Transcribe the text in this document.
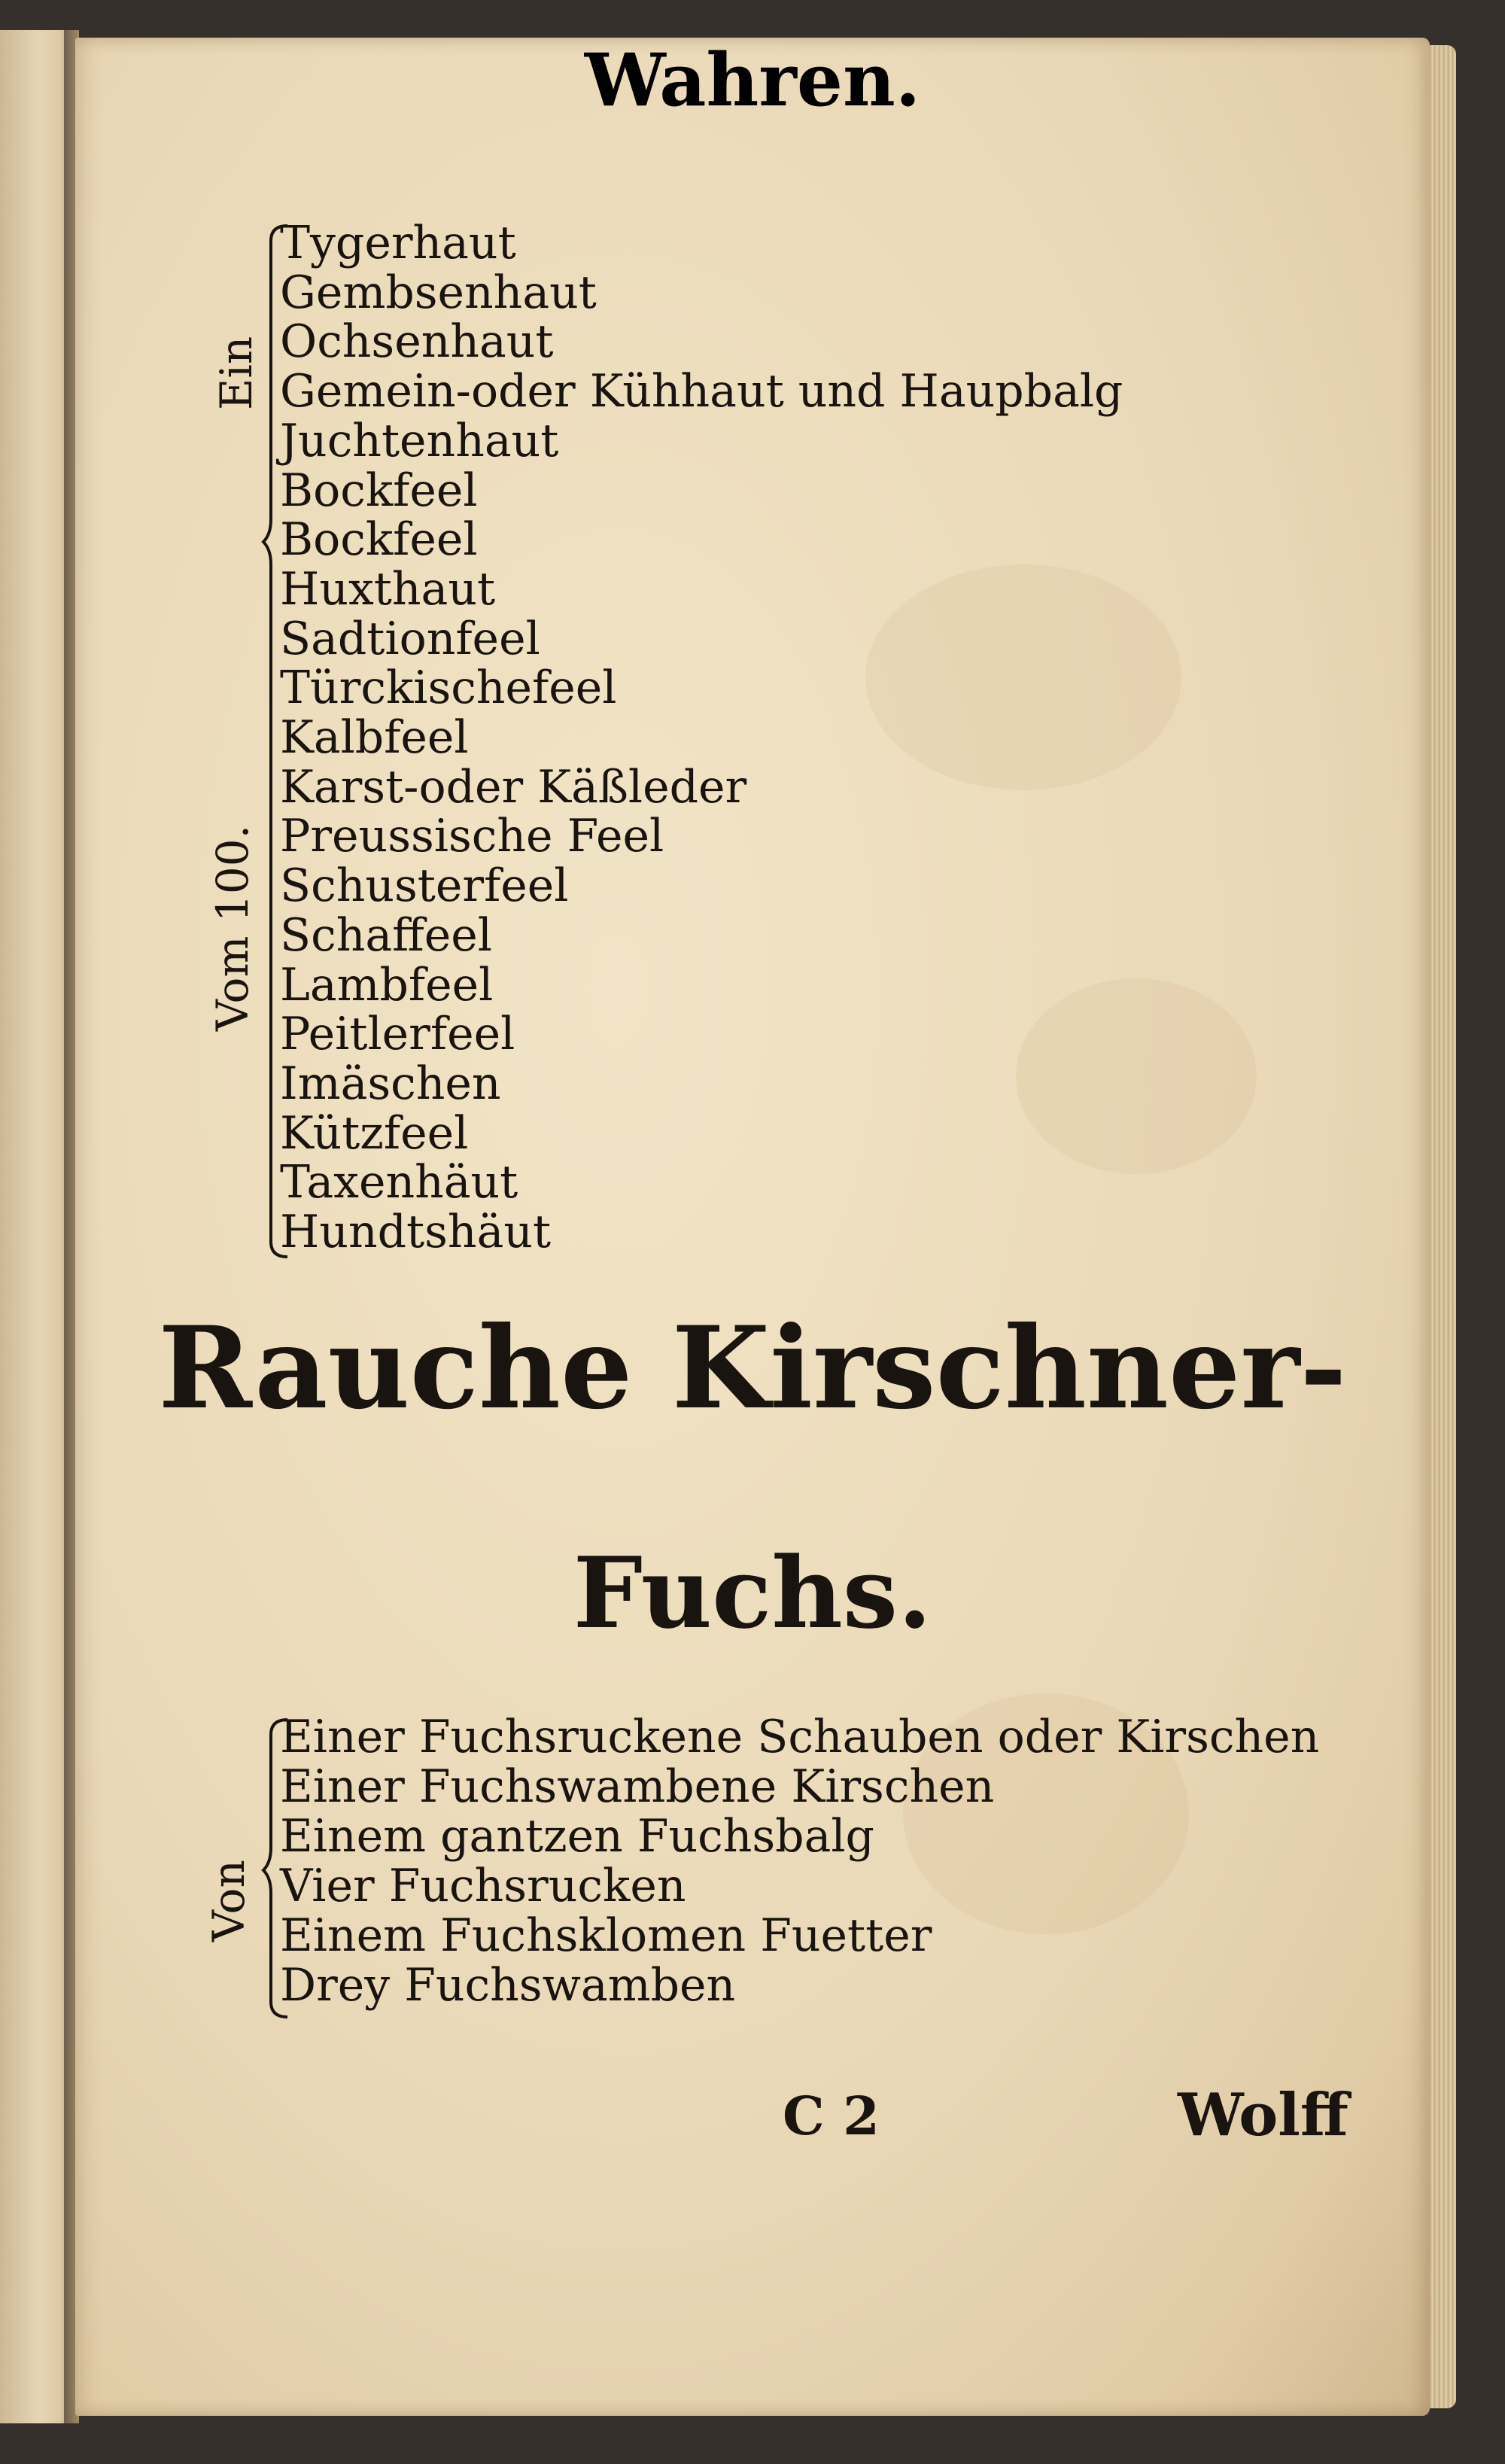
Ein
Vom 100.
Tygerhaut
Gembsenhaut
Ochsenhaut
Gemein-oder Kühhaut und Haupbalg
Juchtenhaut
Bockfeel
Bockfeel
Huxthaut
Sadtionfeel
Türckischefeel
Kalbfeel
Karst-oder Käßleder
Preussische Feel
Schusterfeel
Schaffeel
Lambfeel
Peitlerfeel
Imäschen
Kützfeel
Taxenhäut
Hundtshäut
Rauche Kirschner-
Wahren.
Fuchs.
Von
Einer Fuchsruckene Schauben oder Kirschen
Einer Fuchswambene Kirschen
Einem gantzen Fuchsbalg
Vier Fuchsrucken
Einem Fuchsklomen Fuetter
Drey Fuchswamben
C 2	Wolff
